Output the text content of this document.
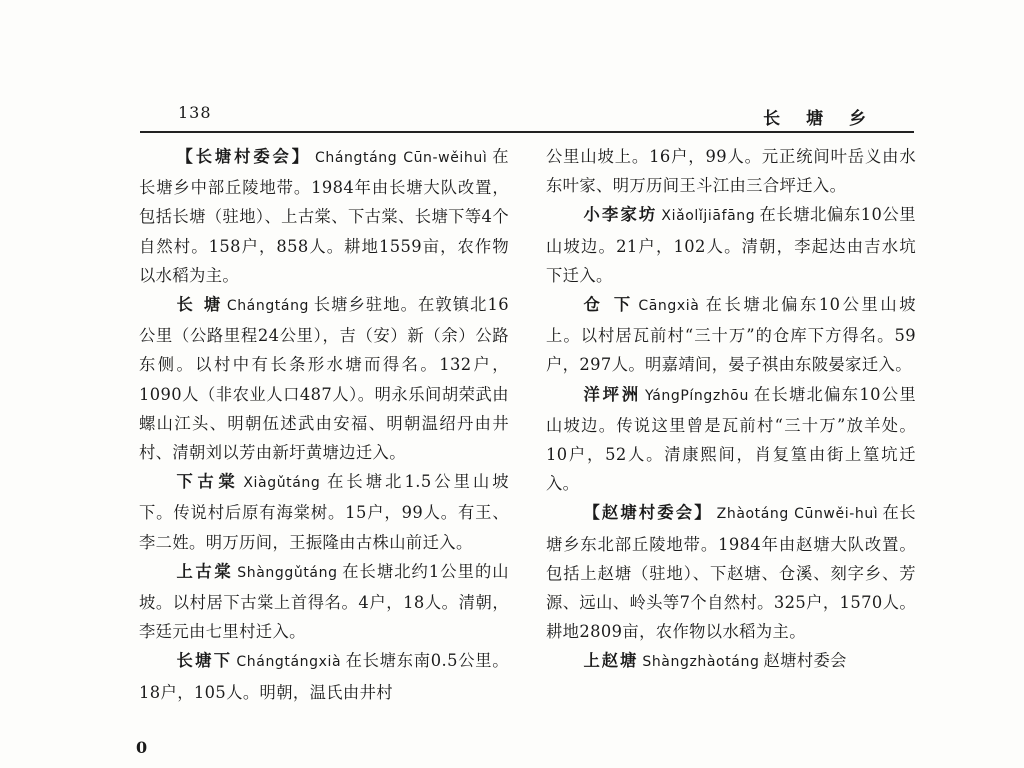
138	长 塘 乡

【长塘村委会】 Chángtáng Cūn-wěihuì 在长塘乡中部丘陵地带。1984年由长塘大队改置，包括长塘（驻地）、上古棠、下古棠、长塘下等4个自然村。158户，858人。耕地1559亩，农作物以水稻为主。

长 塘 Chángtáng 长塘乡驻地。在敦镇北16公里（公路里程24公里），吉（安）新（余）公路东侧。以村中有长条形水塘而得名。132户，1090人（非农业人口487人）。明永乐间胡荣武由螺山江头、明朝伍述武由安福、明朝温绍丹由井村、清朝刘以芳由新圩黄塘边迁入。

下古棠 Xiàgǔtáng 在长塘北1.5公里山坡下。传说村后原有海棠树。15户，99人。有王、李二姓。明万历间，王振隆由古株山前迁入。

上古棠 Shànggǔtáng 在长塘北约1公里的山坡。以村居下古棠上首得名。4户，18人。清朝，李廷元由七里村迁入。

长塘下 Chángtángxià 在长塘东南0.5公里。18户，105人。明朝，温氏由井村

公里山坡上。16户，99人。元正统间叶岳义由水东叶家、明万历间王斗江由三合坪迁入。

小李家坊 Xiǎolǐjiāfāng 在长塘北偏东10公里山坡边。21户，102人。清朝，李起达由吉水坑下迁入。

仓 下 Cāngxià 在长塘北偏东10公里山坡上。以村居瓦前村“三十万”的仓库下方得名。59户，297人。明嘉靖间，晏子祺由东陂晏家迁入。

洋坪洲 YángPíngzhōu 在长塘北偏东10公里山坡边。传说这里曾是瓦前村“三十万”放羊处。10户，52人。清康熙间，肖复篁由街上篁坑迁入。

【赵塘村委会】 Zhàotáng Cūnwěi-huì 在长塘乡东北部丘陵地带。1984年由赵塘大队改置。包括上赵塘（驻地）、下赵塘、仓溪、刻字乡、芳源、远山、岭头等7个自然村。325户，1570人。耕地2809亩，农作物以水稻为主。

上赵塘 Shàngzhàotáng 赵塘村委会

0
